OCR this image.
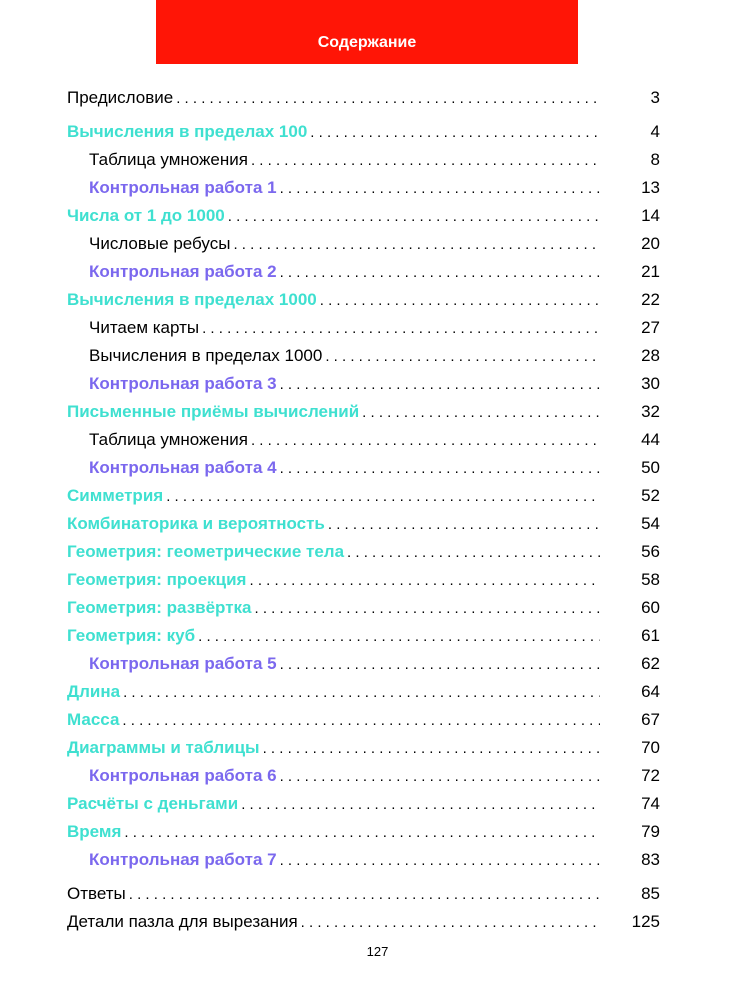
Содержание
Предисловие . . .	3
Вычисления в пределах 100 . . .	4
Таблица умножения . . .	8
Контрольная работа 1 . . .	13
Числа от 1 до 1000 . . .	14
Числовые ребусы . . .	20
Контрольная работа 2 . . .	21
Вычисления в пределах 1000 . . .	22
Читаем карты . . .	27
Вычисления в пределах 1000 . . .	28
Контрольная работа 3 . . .	30
Письменные приёмы вычислений . . .	32
Таблица умножения . . .	44
Контрольная работа 4 . . .	50
Симметрия . . .	52
Комбинаторика и вероятность . . .	54
Геометрия: геометрические тела . . .	56
Геометрия: проекция . . .	58
Геометрия: развёртка . . .	60
Геометрия: куб . . .	61
Контрольная работа 5 . . .	62
Длина . . .	64
Масса . . .	67
Диаграммы и таблицы . . .	70
Контрольная работа 6 . . .	72
Расчёты с деньгами . . .	74
Время . . .	79
Контрольная работа 7 . . .	83
Ответы . . .	85
Детали пазла для вырезания . . .	125
127
